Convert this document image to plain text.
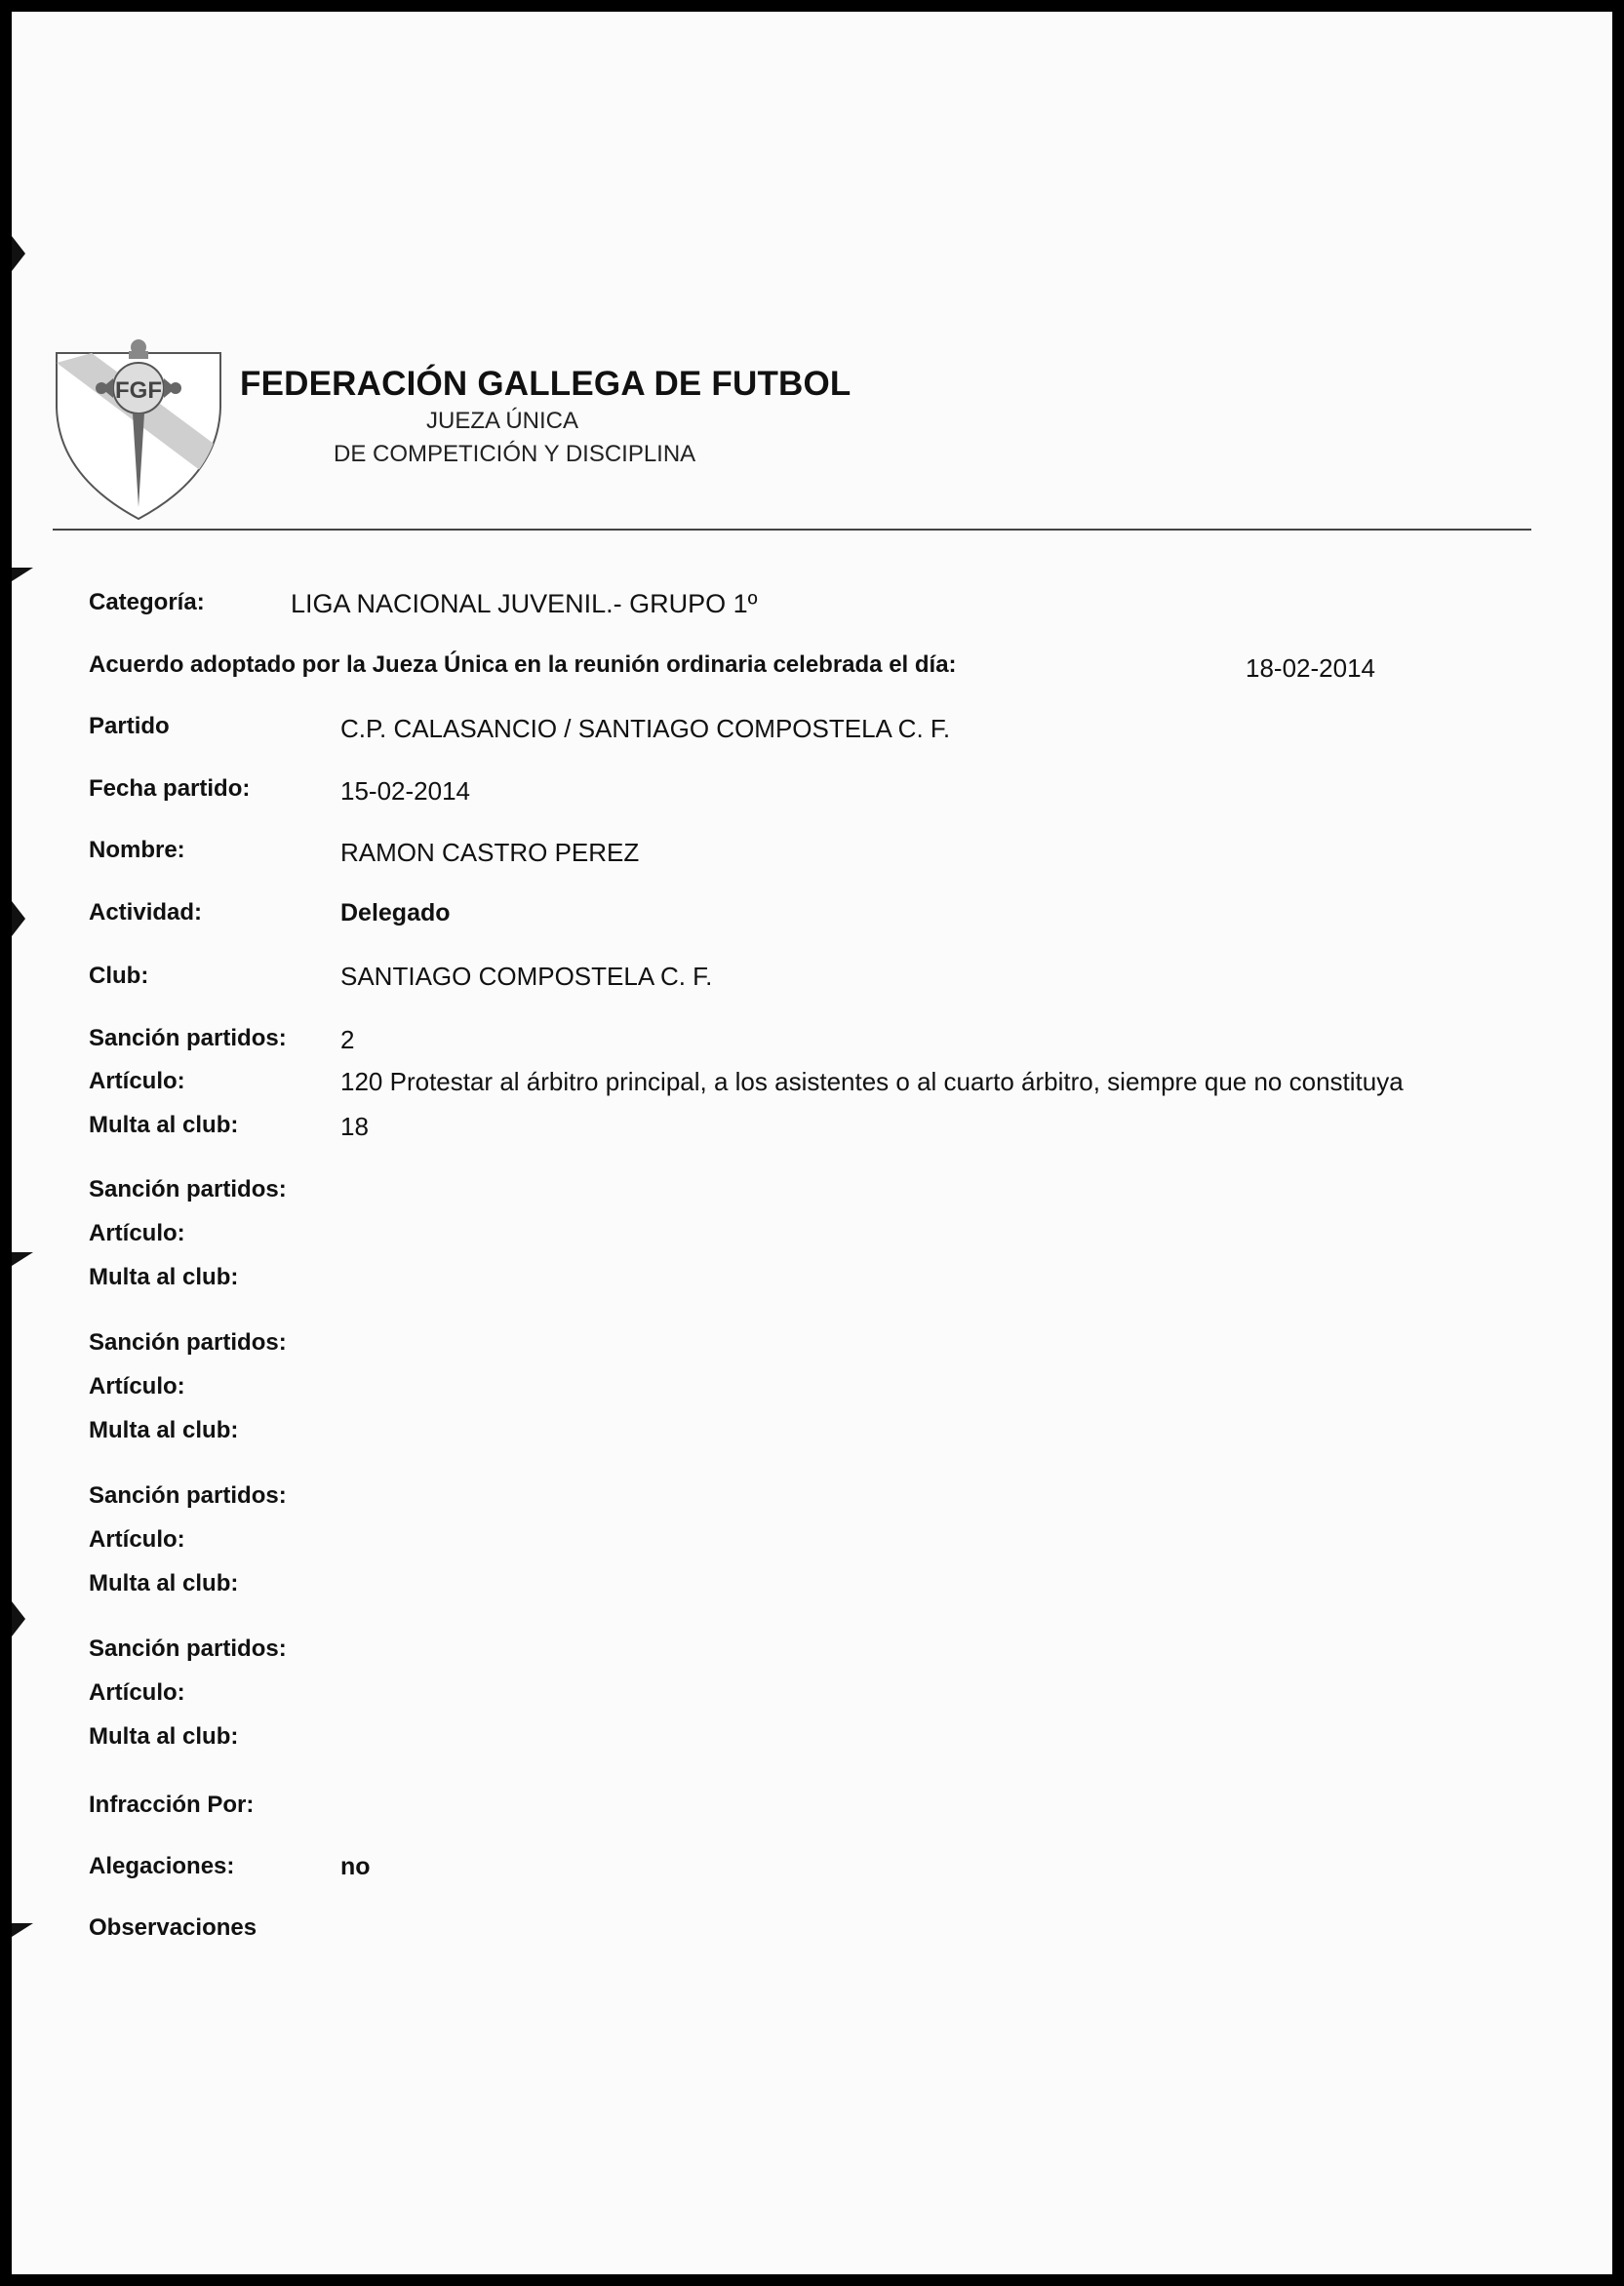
FGF FEDERACIÓN GALLEGA DE FUTBOL
JUEZA ÚNICA
DE COMPETICIÓN Y DISCIPLINA
Categoría:	LIGA NACIONAL JUVENIL.- GRUPO 1º
Acuerdo adoptado por la Jueza Única en la reunión ordinaria celebrada el día:	18-02-2014
Partido	C.P. CALASANCIO / SANTIAGO COMPOSTELA C. F.
Fecha partido:	15-02-2014
Nombre:	RAMON CASTRO PEREZ
Actividad:	Delegado
Club:	SANTIAGO COMPOSTELA C. F.
Sanción partidos: 2
Artículo:	120 Protestar al árbitro principal, a los asistentes o al cuarto árbitro, siempre que no constituya
Multa al club:	18
Sanción partidos:
Artículo:
Multa al club:
Sanción partidos:
Artículo:
Multa al club:
Sanción partidos:
Artículo:
Multa al club:
Sanción partidos:
Artículo:
Multa al club:
Infracción Por:
Alegaciones:	no
Observaciones
